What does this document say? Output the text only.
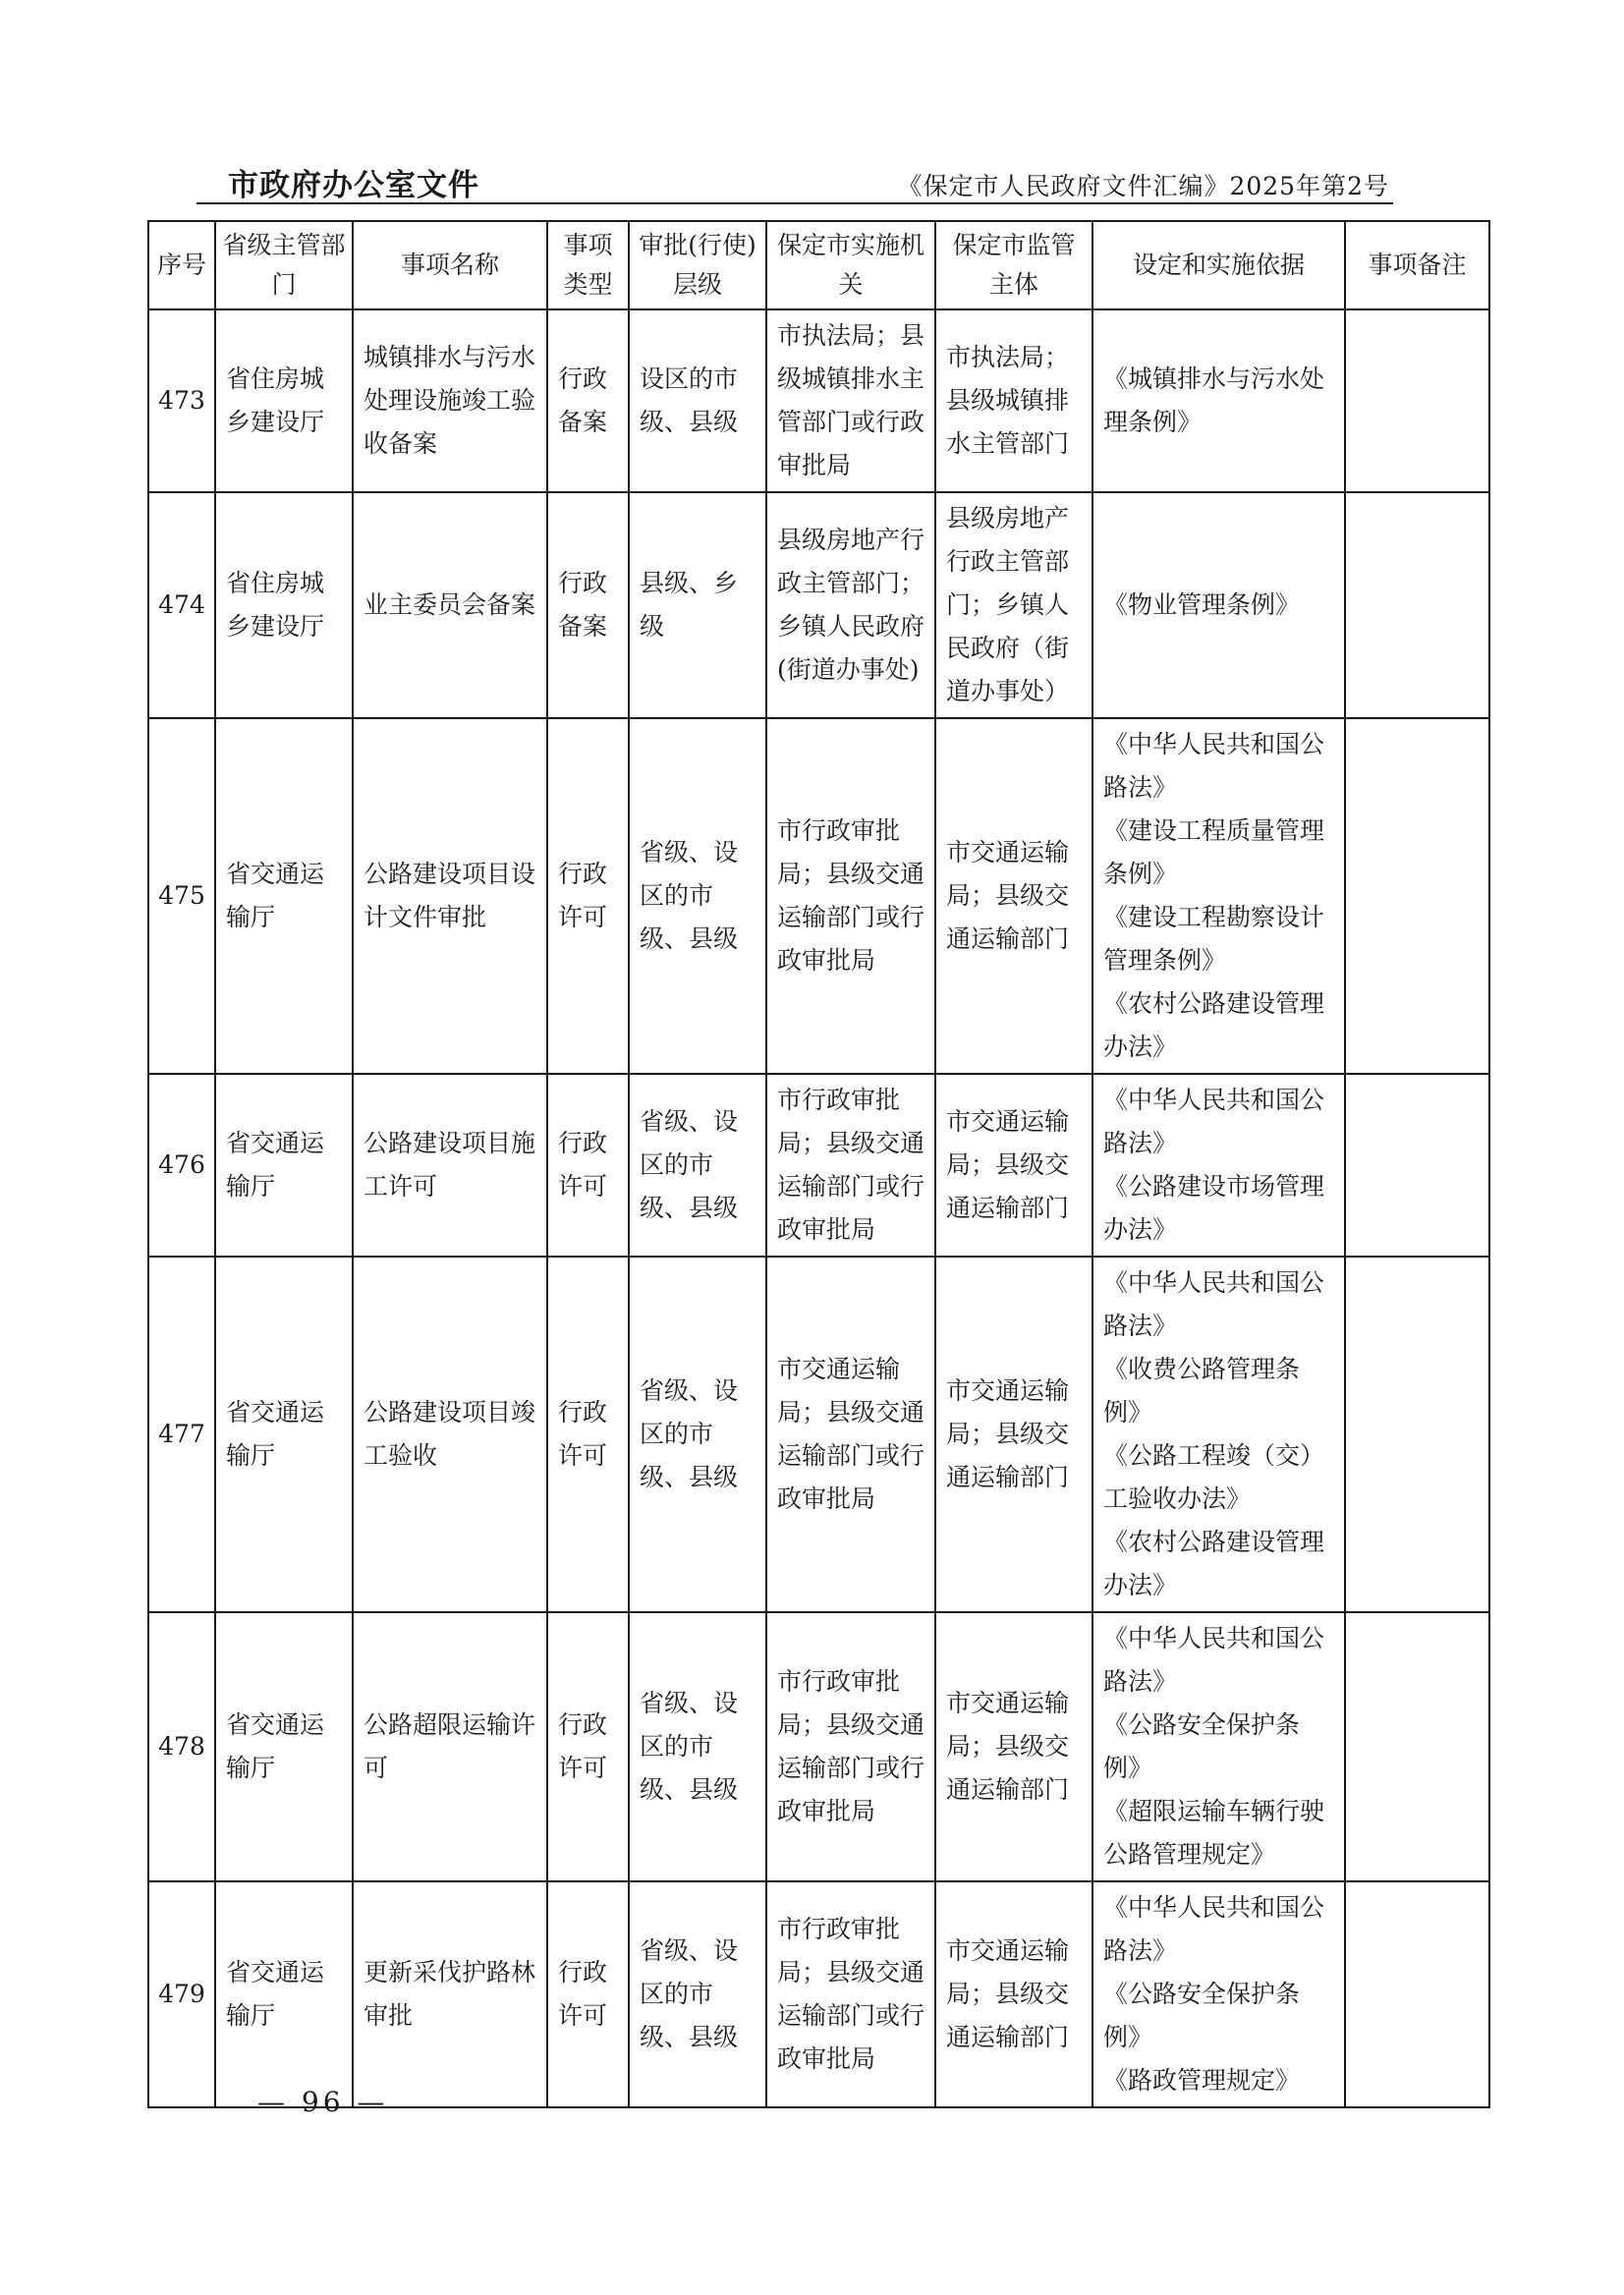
市政府办公室文件	《保定市人民政府文件汇编》2025年第2号
序号	省级主管部门	事项名称	事项类型	审批(行使)层级	保定市实施机关	保定市监管主体	设定和实施依据	事项备注
473	省住房城乡建设厅	城镇排水与污水处理设施竣工验收备案	行政备案	设区的市级、县级	市执法局；县级城镇排水主管部门或行政审批局	市执法局；县级城镇排水主管部门	《城镇排水与污水处理条例》	

474	省住房城乡建设厅	业主委员会备案	行政备案	县级、乡级	县级房地产行政主管部门；乡镇人民政府(街道办事处)	县级房地产行政主管部门；乡镇人民政府（街道办事处）	《物业管理条例》	

475	省交通运输厅	公路建设项目设计文件审批	行政许可	省级、设区的市级、县级	市行政审批局；县级交通运输部门或行政审批局	市交通运输局；县级交通运输部门	《中华人民共和国公路法》
《建设工程质量管理条例》
《建设工程勘察设计管理条例》
《农村公路建设管理办法》	

476	省交通运输厅	公路建设项目施工许可	行政许可	省级、设区的市级、县级	市行政审批局；县级交通运输部门或行政审批局	市交通运输局；县级交通运输部门	《中华人民共和国公路法》
《公路建设市场管理办法》	

477	省交通运输厅	公路建设项目竣工验收	行政许可	省级、设区的市级、县级	市交通运输局；县级交通运输部门或行政审批局	市交通运输局；县级交通运输部门	《中华人民共和国公路法》
《收费公路管理条例》
《公路工程竣（交）工验收办法》
《农村公路建设管理办法》	

478	省交通运输厅	公路超限运输许可	行政许可	省级、设区的市级、县级	市行政审批局；县级交通运输部门或行政审批局	市交通运输局；县级交通运输部门	《中华人民共和国公路法》
《公路安全保护条例》
《超限运输车辆行驶公路管理规定》	

479	省交通运输厅	更新采伐护路林审批	行政许可	省级、设区的市级、县级	市行政审批局；县级交通运输部门或行政审批局	市交通运输局；县级交通运输部门	《中华人民共和国公路法》
《公路安全保护条例》
《路政管理规定》	

— 96 —
